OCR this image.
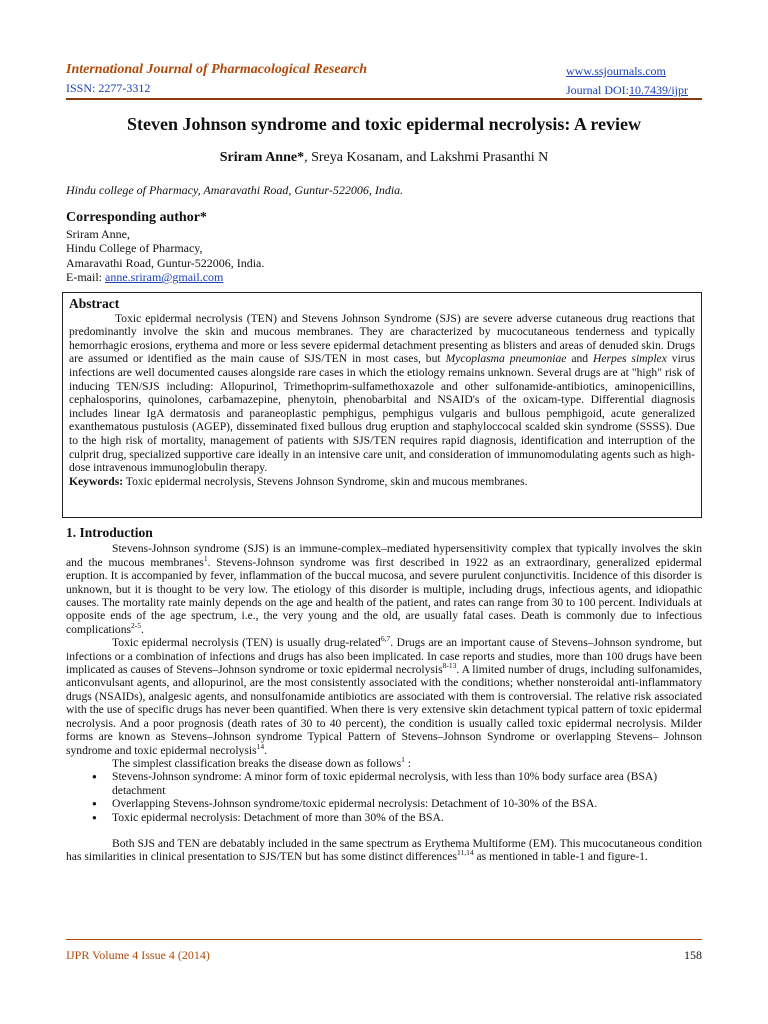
International Journal of Pharmacological Research
ISSN: 2277-3312
www.ssjournals.com
Journal DOI:10.7439/ijpr
Steven Johnson syndrome and toxic epidermal necrolysis: A review
Sriram Anne*, Sreya Kosanam, and Lakshmi Prasanthi N
Hindu college of Pharmacy, Amaravathi Road, Guntur-522006, India.
Corresponding author*
Sriram Anne,
Hindu College of Pharmacy,
Amaravathi Road, Guntur-522006, India.
E-mail: anne.sriram@gmail.com
Abstract
Toxic epidermal necrolysis (TEN) and Stevens Johnson Syndrome (SJS) are severe adverse cutaneous drug reactions that predominantly involve the skin and mucous membranes. They are characterized by mucocutaneous tenderness and typically hemorrhagic erosions, erythema and more or less severe epidermal detachment presenting as blisters and areas of denuded skin. Drugs are assumed or identified as the main cause of SJS/TEN in most cases, but Mycoplasma pneumoniae and Herpes simplex virus infections are well documented causes alongside rare cases in which the etiology remains unknown. Several drugs are at "high" risk of inducing TEN/SJS including: Allopurinol, Trimethoprim-sulfamethoxazole and other sulfonamide-antibiotics, aminopenicillins, cephalosporins, quinolones, carbamazepine, phenytoin, phenobarbital and NSAID's of the oxicam-type. Differential diagnosis includes linear IgA dermatosis and paraneoplastic pemphigus, pemphigus vulgaris and bullous pemphigoid, acute generalized exanthematous pustulosis (AGEP), disseminated fixed bullous drug eruption and staphyloccocal scalded skin syndrome (SSSS). Due to the high risk of mortality, management of patients with SJS/TEN requires rapid diagnosis, identification and interruption of the culprit drug, specialized supportive care ideally in an intensive care unit, and consideration of immunomodulating agents such as high-dose intravenous immunoglobulin therapy.
Keywords: Toxic epidermal necrolysis, Stevens Johnson Syndrome, skin and mucous membranes.
1. Introduction

Stevens-Johnson syndrome (SJS) is an immune-complex–mediated hypersensitivity complex that typically involves the skin and the mucous membranes$^1$. Stevens-Johnson syndrome was first described in 1922 as an extraordinary, generalized epidermal eruption. It is accompanied by fever, inflammation of the buccal mucosa, and severe purulent conjunctivitis. Incidence of this disorder is unknown, but it is thought to be very low. The etiology of this disorder is multiple, including drugs, infectious agents, and idiopathic causes. The mortality rate mainly depends on the age and health of the patient, and rates can range from 30 to 100 percent. Individuals at opposite ends of the age spectrum, i.e., the very young and the old, are usually fatal cases. Death is commonly due to infectious complications$^{2-5}$.

Toxic epidermal necrolysis (TEN) is usually drug-related$^{6,7}$. Drugs are an important cause of Stevens–Johnson syndrome, but infections or a combination of infections and drugs has also been implicated. In case reports and studies, more than 100 drugs have been implicated as causes of Stevens–Johnson syndrome or toxic epidermal necrolysis$^{8-13}$. A limited number of drugs, including sulfonamides, anticonvulsant agents, and allopurinol, are the most consistently associated with the conditions; whether nonsteroidal anti-inflammatory drugs (NSAIDs), analgesic agents, and nonsulfonamide antibiotics are associated with them is controversial. The relative risk associated with the use of specific drugs has never been quantified. When there is very extensive skin detachment typical pattern of toxic epidermal necrolysis. And a poor prognosis (death rates of 30 to 40 percent), the condition is usually called toxic epidermal necrolysis. Milder forms are known as Stevens–Johnson syndrome Typical Pattern of Stevens–Johnson Syndrome or overlapping Stevens– Johnson syndrome and toxic epidermal necrolysis$^{14}$.

The simplest classification breaks the disease down as follows$^1$ :

● Stevens-Johnson syndrome: A minor form of toxic epidermal necrolysis, with less than 10% body surface area (BSA) detachment
● Overlapping Stevens-Johnson syndrome/toxic epidermal necrolysis: Detachment of 10-30% of the BSA.
● Toxic epidermal necrolysis: Detachment of more than 30% of the BSA.

Both SJS and TEN are debatably included in the same spectrum as Erythema Multiforme (EM). This mucocutaneous condition has similarities in clinical presentation to SJS/TEN but has some distinct differences$^{11,14}$ as mentioned in table-1 and figure-1.

IJPR Volume 4 Issue 4 (2014)	158
